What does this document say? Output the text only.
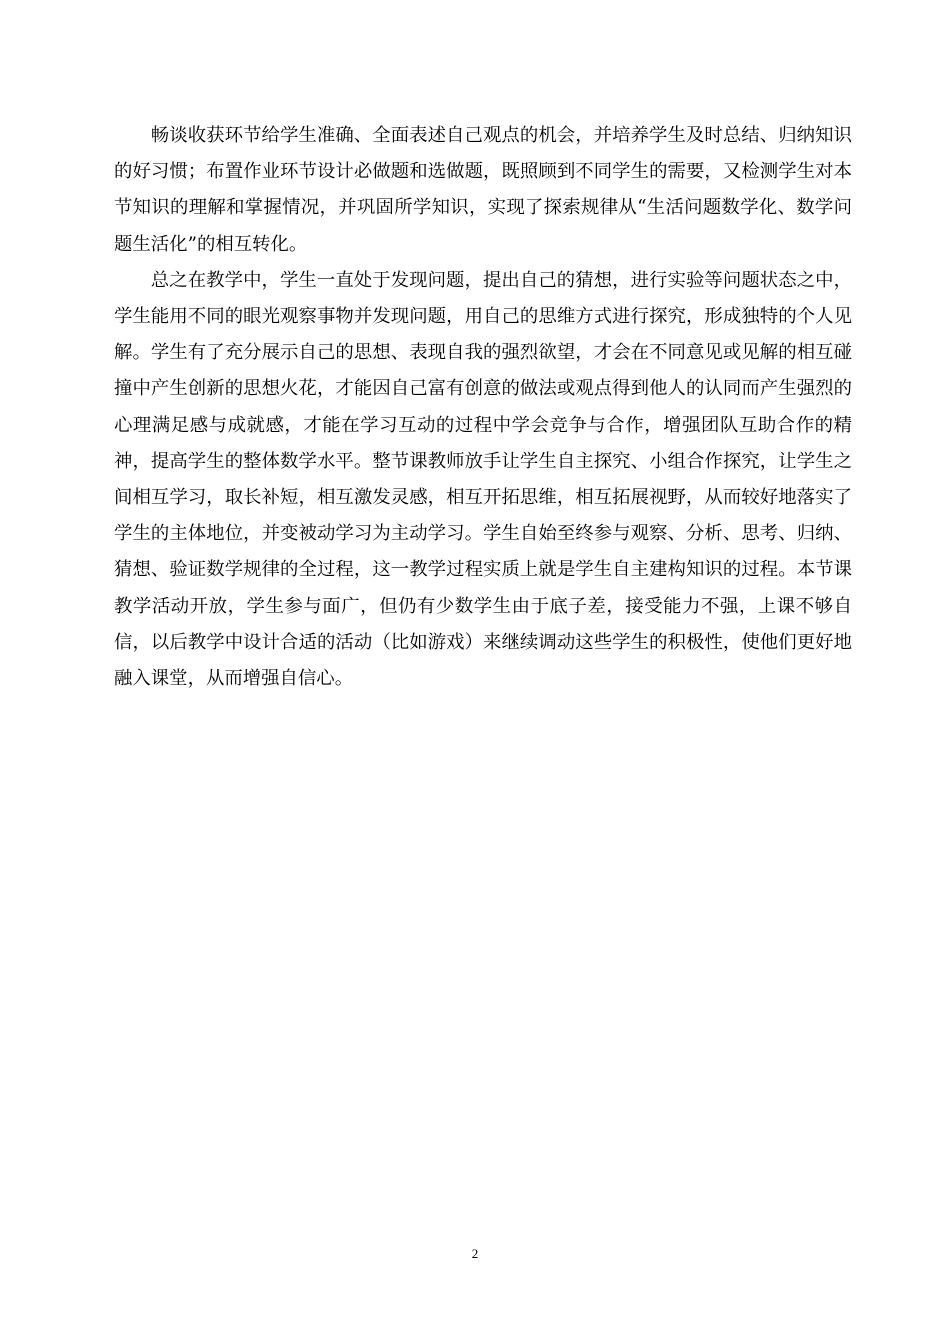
畅谈收获环节给学生准确、全面表述自己观点的机会，并培养学生及时总结、归纳知识的好习惯；布置作业环节设计必做题和选做题，既照顾到不同学生的需要，又检测学生对本节知识的理解和掌握情况，并巩固所学知识，实现了探索规律从“生活问题数学化、数学问题生活化”的相互转化。

总之在教学中，学生一直处于发现问题，提出自己的猜想，进行实验等问题状态之中，学生能用不同的眼光观察事物并发现问题，用自己的思维方式进行探究，形成独特的个人见解。学生有了充分展示自己的思想、表现自我的强烈欲望，才会在不同意见或见解的相互碰撞中产生创新的思想火花，才能因自己富有创意的做法或观点得到他人的认同而产生强烈的心理满足感与成就感，才能在学习互动的过程中学会竞争与合作，增强团队互助合作的精神，提高学生的整体数学水平。整节课教师放手让学生自主探究、小组合作探究，让学生之间相互学习，取长补短，相互激发灵感，相互开拓思维，相互拓展视野，从而较好地落实了学生的主体地位，并变被动学习为主动学习。学生自始至终参与观察、分析、思考、归纳、猜想、验证数学规律的全过程，这一教学过程实质上就是学生自主建构知识的过程。本节课教学活动开放，学生参与面广，但仍有少数学生由于底子差，接受能力不强，上课不够自信，以后教学中设计合适的活动（比如游戏）来继续调动这些学生的积极性，使他们更好地融入课堂，从而增强自信心。

2
